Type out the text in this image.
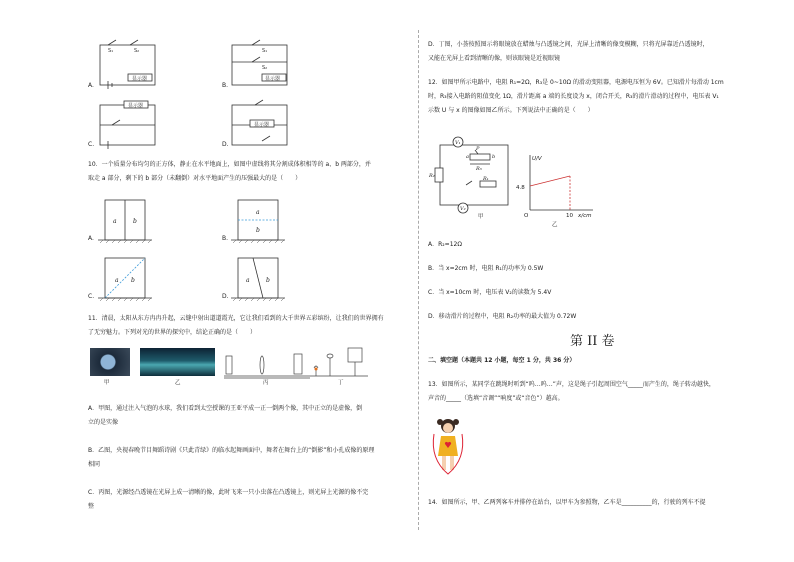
显示器	显示器
显示器
显示器
S₁	S₂	S₁
S₂
A.	B.
C.	D.
10．一个质量分布均匀的正方体，静止在水平地面上，如图中虚线将其分割成体积相等的 a、b 两部分，并
取走 a 部分，剩下的 b 部分（未翻倒）对水平地面产生的压强最大的是（　　）
a	b
a
b
a b	a	b
A.	B.
C.	D.
11．清晨，太阳从东方冉冉升起，云缝中射出道道霞光，它让我们看到的大千世界五彩缤纷，让我们的世界拥有
了无穷魅力。下列对光的世界的探究中，结论正确的是（　　）
甲	乙	丙	丁
A．甲图，通过注入气泡的水球，我们看到太空授课的王亚平成一正一倒两个像，其中正立的是虚像，倒
立的是实像
B．乙图，央视春晚节目舞蹈诗剧《只此青绿》的临水起舞画面中，舞者在舞台上的“倒影”和小孔成像的原理
相同
C．丙图，光源经凸透镜在光屏上成一清晰的像，此时飞来一只小虫落在凸透镜上，则光屏上光源的像不完
整
D．丁图，小荟按照图示将眼镜放在蜡烛与凸透镜之间，光屏上清晰的像变模糊，只将光屏靠近凸透镜时，
又能在光屏上看到清晰的像，则该眼镜是近视眼镜
12．如图甲所示电路中，电阻 R₁=2Ω，R₃是 0~10Ω 的滑动变阻器，电源电压恒为 6V。已知滑片每滑动 1cm
时，R₃接入电路的阻值变化 1Ω，滑片距离 a 端的长度设为 x，闭合开关，R₃的滑片滑动的过程中，电压表 V₁
示数 U 与 x 的图像如图乙所示。下列说法中正确的是（　　）
V₁
V₂
R₂
R₃
R₁
b
a
P
甲
U/V
x/cm
4.8
10
O
乙
A．R₂=12Ω
B．当 x=2cm 时，电阻 R₁的功率为 0.5W
C．当 x=10cm 时，电压表 V₂的读数为 5.4V
D．移动滑片的过程中，电阻 R₂功率的最大值为 0.72W
第 II 卷
二、填空题（本题共 12 小题，每空 1 分，共 36 分）
13．如图所示，某同学在跳绳时听到“呜…呜…”声，这是绳子引起周围空气_____而产生的，绳子转动越快，
声音的_____（选填“音调”“响度”或“音色”）越高。
14．如图所示，甲、乙两列客车并排停在站台，以甲车为参照物，乙车是__________的，行驶的列车不提
